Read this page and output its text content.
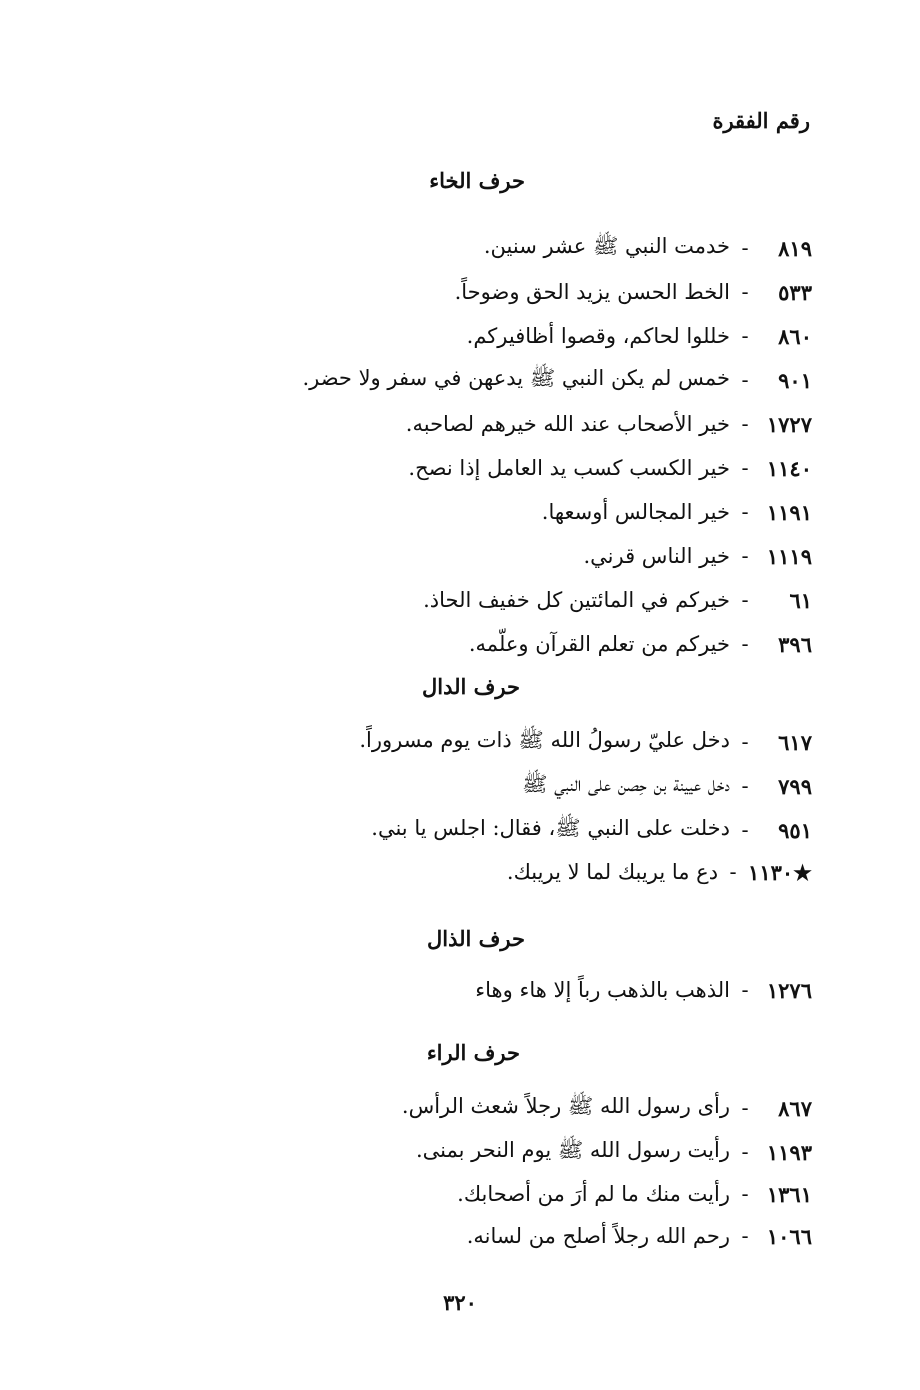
رقم الفقرة
حرف الخاء
٨١٩
-
خدمت النبي ﷺ عشر سنين.
٥٣٣
-
الخط الحسن يزيد الحق وضوحاً.
٨٦٠
-
خللوا لحاكم، وقصوا أظافيركم.
٩٠١
-
خمس لم يكن النبي ﷺ يدعهن في سفر ولا حضر.
١٧٢٧
-
خير الأصحاب عند الله خيرهم لصاحبه.
١١٤٠
-
خير الكسب كسب يد العامل إذا نصح.
١١٩١
-
خير المجالس أوسعها.
١١١٩
-
خير الناس قرني.
٦١
-
خيركم في المائتين كل خفيف الحاذ.
٣٩٦
-
خيركم من تعلم القرآن وعلّمه.
حرف الدال
٦١٧
-
دخل عليّ رسولُ الله ﷺ ذات يوم مسروراً.
٧٩٩
-
دخل عيينة بن حِصن على النبي ﷺ
٩٥١
-
دخلت على النبي ﷺ، فقال: اجلس يا بني.
★١١٣٠
-
دع ما يريبك لما لا يريبك.
حرف الذال
١٢٧٦
-
الذهب بالذهب رباً إلا هاء وهاء
حرف الراء
٨٦٧
-
رأى رسول الله ﷺ رجلاً شعث الرأس.
١١٩٣
-
رأيت رسول الله ﷺ يوم النحر بمنى.
١٣٦١
-
رأيت منك ما لم أرَ من أصحابك.
١٠٦٦
-
رحم الله رجلاً أصلح من لسانه.
٣٢٠
